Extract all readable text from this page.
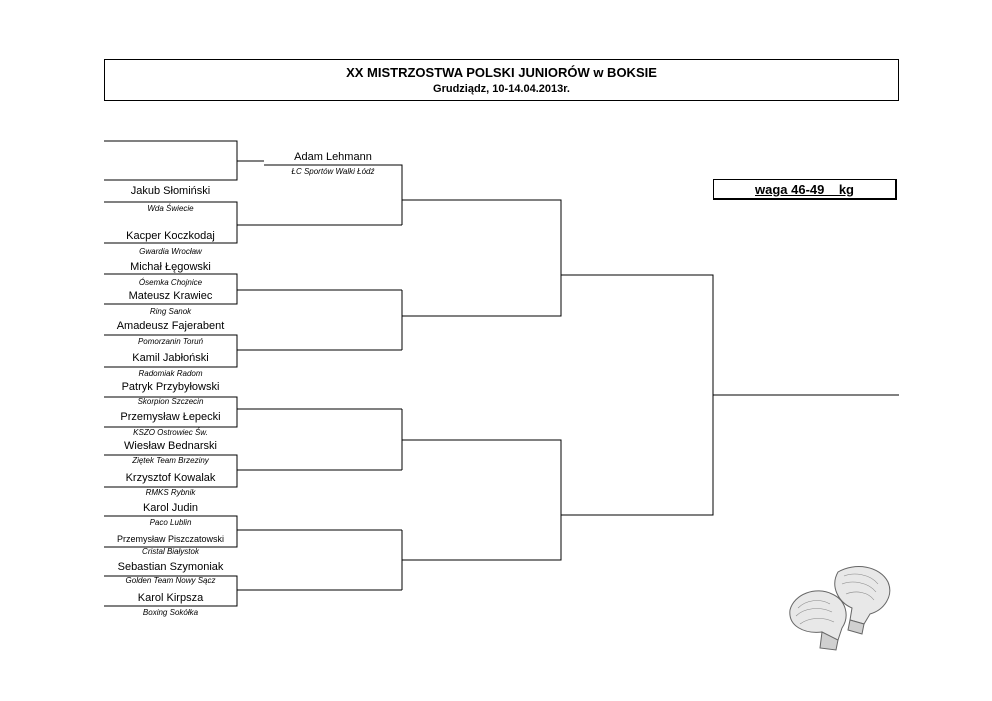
XX MISTRZOSTWA POLSKI JUNIORÓW w BOKSIE
Grudziądz, 10-14.04.2013r.
waga 46-49    kg
Adam Lehmann
ŁC Sportów Walki Łódź
Jakub Słomiński
Wda Świecie
Kacper Koczkodaj
Gwardia Wrocław
Michał Łęgowski
Ósemka Chojnice
Mateusz Krawiec
Ring Sanok
Amadeusz Fajerabent
Pomorzanin Toruń
Kamil Jabłoński
Radomiak Radom
Patryk Przybyłowski
Skorpion Szczecin
Przemysław Łepecki
KSZO Ostrowiec Św.
Wiesław Bednarski
Ziętek Team Brzeziny
Krzysztof Kowalak
RMKS Rybnik
Karol Judin
Paco Lublin
Przemysław Piszczatowski
Cristal Białystok
Sebastian Szymoniak
Golden Team Nowy Sącz
Karol Kirpsza
Boxing Sokółka
